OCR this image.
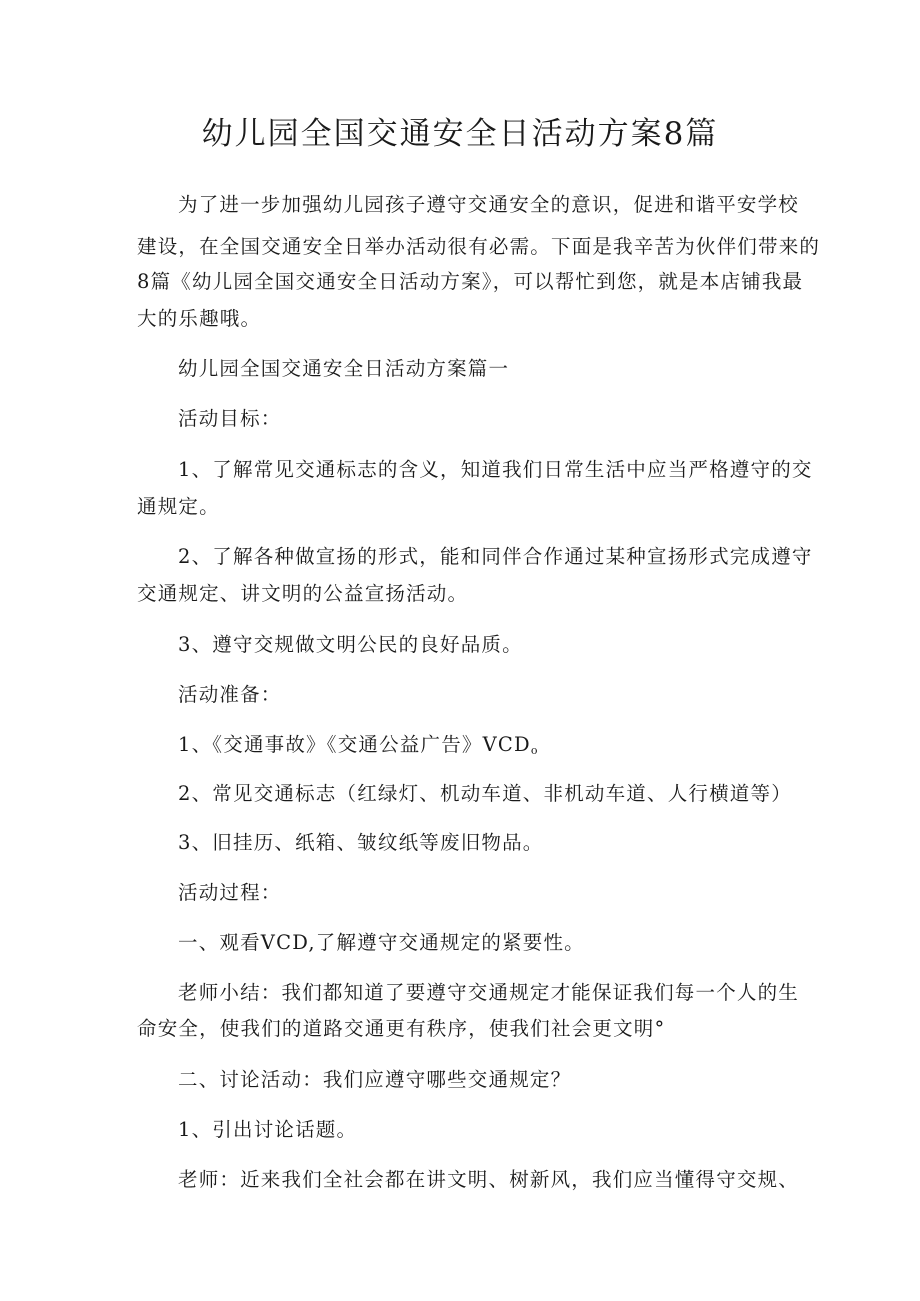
幼儿园全国交通安全日活动方案8篇

为了进一步加强幼儿园孩子遵守交通安全的意识，促进和谐平安学校

建设，在全国交通安全日举办活动很有必需。下面是我辛苦为伙伴们带来的

8篇《幼儿园全国交通安全日活动方案》，可以帮忙到您，就是本店铺我最

大的乐趣哦。

幼儿园全国交通安全日活动方案篇一

活动目标：

1、了解常见交通标志的含义，知道我们日常生活中应当严格遵守的交

通规定。

2、了解各种做宣扬的形式，能和同伴合作通过某种宣扬形式完成遵守

交通规定、讲文明的公益宣扬活动。

3、遵守交规做文明公民的良好品质。

活动准备：

1、《交通事故》《交通公益广告》$VCD_o$

2、常见交通标志（红绿灯、机动车道、非机动车道、人行横道等）

3、旧挂历、纸箱、皱纹纸等废旧物品。

活动过程：

一、观看VCD,了解遵守交通规定的紧要性。

老师小结：我们都知道了要遵守交通规定才能保证我们每一个人的生

命安全，使我们的道路交通更有秩序，使我们社会更文明°

二、讨论活动：我们应遵守哪些交通规定？

1、引出讨论话题。

老师：近来我们全社会都在讲文明、树新风，我们应当懂得守交规、
